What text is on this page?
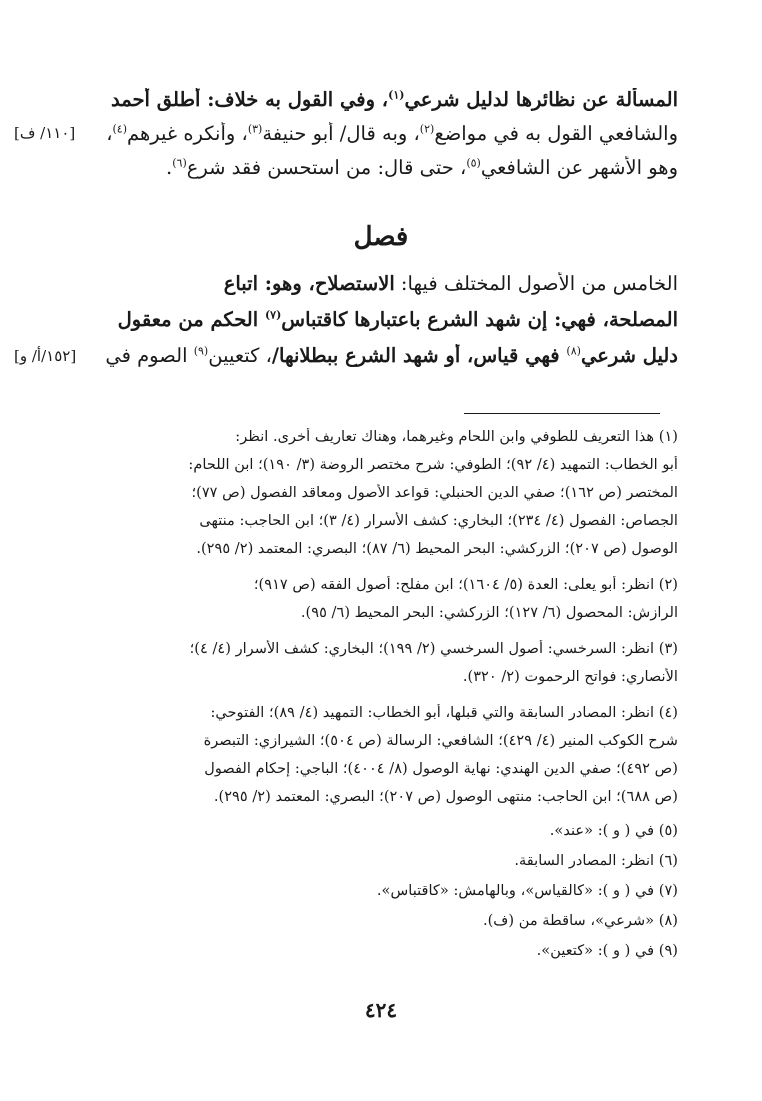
المسألة عن نظائرها لدليل شرعي$^{(١)}$، وفي القول به خلاف: أطلق أحمد
والشافعي القول به في مواضع$^{(٢)}$، وبه قال/ أبو حنيفة$^{(٣)}$، وأنكره غيرهم$^{(٤)}$،
[١١٠/ ف]
وهو الأشهر عن الشافعي$^{(٥)}$، حتى قال: من استحسن فقد شرع$^{(٦)}$.
فصل
الخامس من الأصول المختلف فيها: الاستصلاح، وهو: اتباع
المصلحة، فهي: إن شهد الشرع باعتبارها كاقتباس$^{(٧)}$ الحكم من معقول
دليل شرعي$^{(٨)}$ فهي قياس، أو شهد الشرع ببطلانها/، كتعيين$^{(٩)}$ الصوم في
[١٥٢/أ/ و]
(١) هذا التعريف للطوفي وابن اللحام وغيرهما، وهناك تعاريف أخرى. انظر:
أبو الخطاب: التمهيد (٤/ ٩٢)؛ الطوفي: شرح مختصر الروضة (٣/ ١٩٠)؛ ابن اللحام:
المختصر (ص ١٦٢)؛ صفي الدين الحنبلي: قواعد الأصول ومعاقد الفصول (ص ٧٧)؛
الجصاص: الفصول (٤/ ٢٣٤)؛ البخاري: كشف الأسرار (٤/ ٣)؛ ابن الحاجب: منتهى
الوصول (ص ٢٠٧)؛ الزركشي: البحر المحيط (٦/ ٨٧)؛ البصري: المعتمد (٢/ ٢٩٥).
(٢) انظر: أبو يعلى: العدة (٥/ ١٦٠٤)؛ ابن مفلح: أصول الفقه (ص ٩١٧)؛
الرازش: المحصول (٦/ ١٢٧)؛ الزركشي: البحر المحيط (٦/ ٩٥).
(٣) انظر: السرخسي: أصول السرخسي (٢/ ١٩٩)؛ البخاري: كشف الأسرار (٤/ ٤)؛
الأنصاري: فواتح الرحموت (٢/ ٣٢٠).
(٤) انظر: المصادر السابقة والتي قبلها، أبو الخطاب: التمهيد (٤/ ٨٩)؛ الفتوحي:
شرح الكوكب المنير (٤/ ٤٢٩)؛ الشافعي: الرسالة (ص ٥٠٤)؛ الشيرازي: التبصرة
(ص ٤٩٢)؛ صفي الدين الهندي: نهاية الوصول (٨/ ٤٠٠٤)؛ الباجي: إحكام الفصول
(ص ٦٨٨)؛ ابن الحاجب: منتهى الوصول (ص ٢٠٧)؛ البصري: المعتمد (٢/ ٢٩٥).
(٥) في ( و ): «عند».
(٦) انظر: المصادر السابقة.
(٧) في ( و ): «كالقياس»، وبالهامش: «كاقتباس».
(٨) «شرعي»، ساقطة من (ف).
(٩) في ( و ): «كتعين».
٤٢٤
